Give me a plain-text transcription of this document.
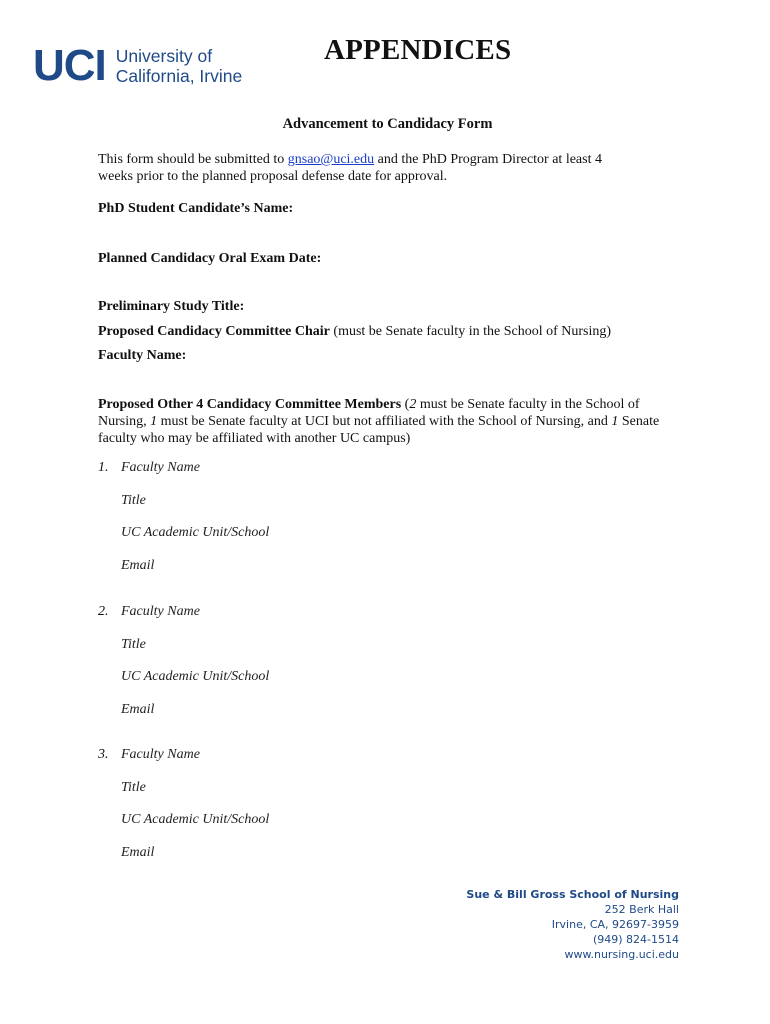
UCI University of
California, Irvine
APPENDICES
Advancement to Candidacy Form
This form should be submitted to gnsao@uci.edu and the PhD Program Director at least 4 weeks prior to the planned proposal defense date for approval.
PhD Student Candidate’s Name:
Planned Candidacy Oral Exam Date:
Preliminary Study Title:
Proposed Candidacy Committee Chair (must be Senate faculty in the School of Nursing)
Faculty Name:
Proposed Other 4 Candidacy Committee Members (2 must be Senate faculty in the School of Nursing, 1 must be Senate faculty at UCI but not affiliated with the School of Nursing, and 1 Senate faculty who may be affiliated with another UC campus)
1. Faculty Name
Title
UC Academic Unit/School
Email
2. Faculty Name
Title
UC Academic Unit/School
Email
3. Faculty Name
Title
UC Academic Unit/School
Email
Sue & Bill Gross School of Nursing
252 Berk Hall
Irvine, CA, 92697-3959
(949) 824-1514
www.nursing.uci.edu
